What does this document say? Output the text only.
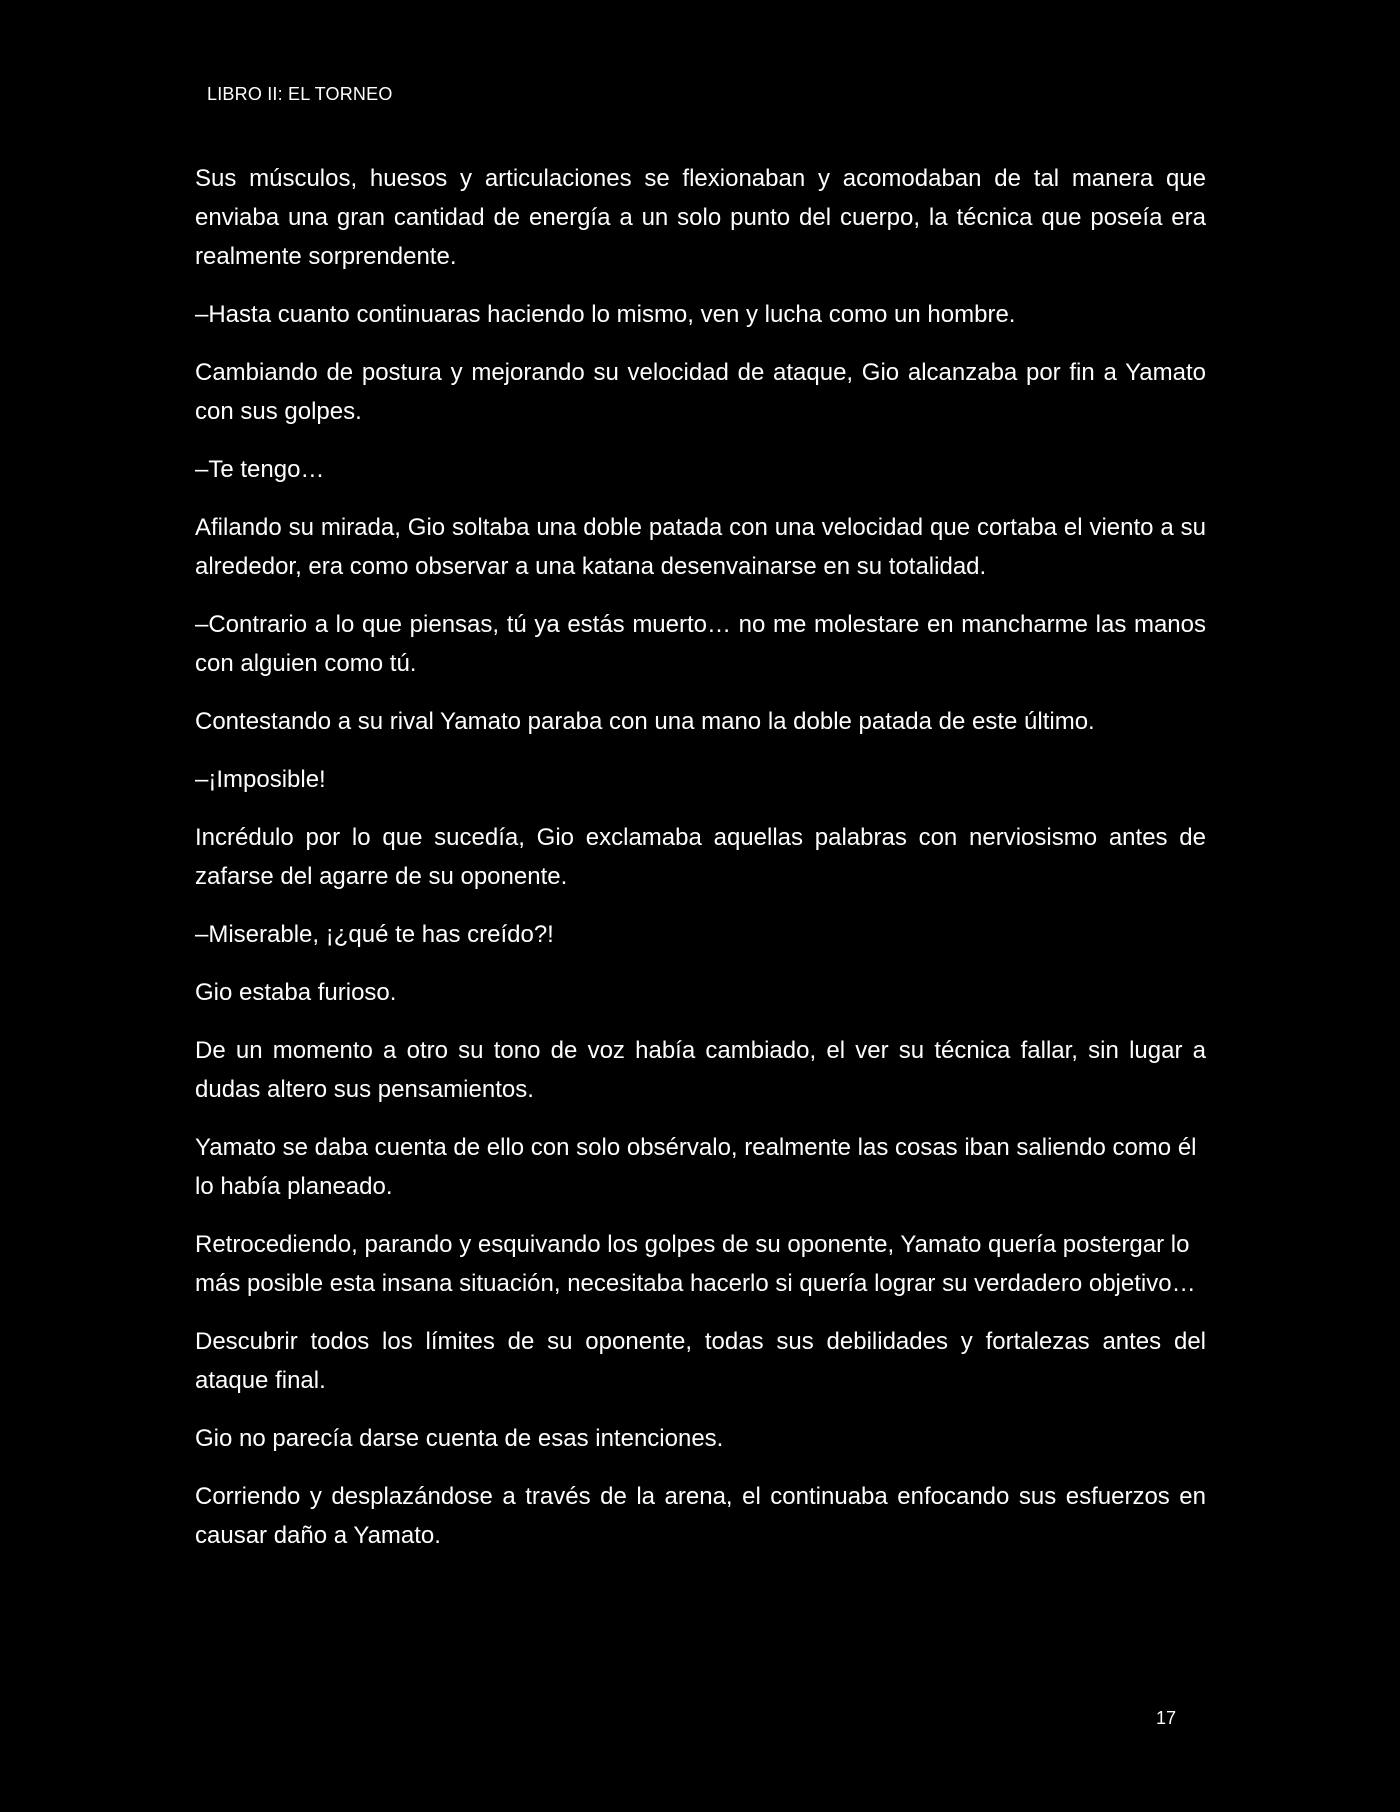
LIBRO II: EL TORNEO

Sus músculos, huesos y articulaciones se flexionaban y acomodaban de tal manera que enviaba una gran cantidad de energía a un solo punto del cuerpo, la técnica que poseía era realmente sorprendente.

–Hasta cuanto continuaras haciendo lo mismo, ven y lucha como un hombre.

Cambiando de postura y mejorando su velocidad de ataque, Gio alcanzaba por fin a Yamato con sus golpes.

–Te tengo…

Afilando su mirada, Gio soltaba una doble patada con una velocidad que cortaba el viento a su alrededor, era como observar a una katana desenvainarse en su totalidad.

–Contrario a lo que piensas, tú ya estás muerto… no me molestare en mancharme las manos con alguien como tú.

Contestando a su rival Yamato paraba con una mano la doble patada de este último.

–¡Imposible!

Incrédulo por lo que sucedía, Gio exclamaba aquellas palabras con nerviosismo antes de zafarse del agarre de su oponente.

–Miserable, ¡¿qué te has creído?!

Gio estaba furioso.

De un momento a otro su tono de voz había cambiado, el ver su técnica fallar, sin lugar a dudas altero sus pensamientos.

Yamato se daba cuenta de ello con solo obsérvalo, realmente las cosas iban saliendo como él lo había planeado.

Retrocediendo, parando y esquivando los golpes de su oponente, Yamato quería postergar lo más posible esta insana situación, necesitaba hacerlo si quería lograr su verdadero objetivo…

Descubrir todos los límites de su oponente, todas sus debilidades y fortalezas antes del ataque final.

Gio no parecía darse cuenta de esas intenciones.

Corriendo y desplazándose a través de la arena, el continuaba enfocando sus esfuerzos en causar daño a Yamato.

17
